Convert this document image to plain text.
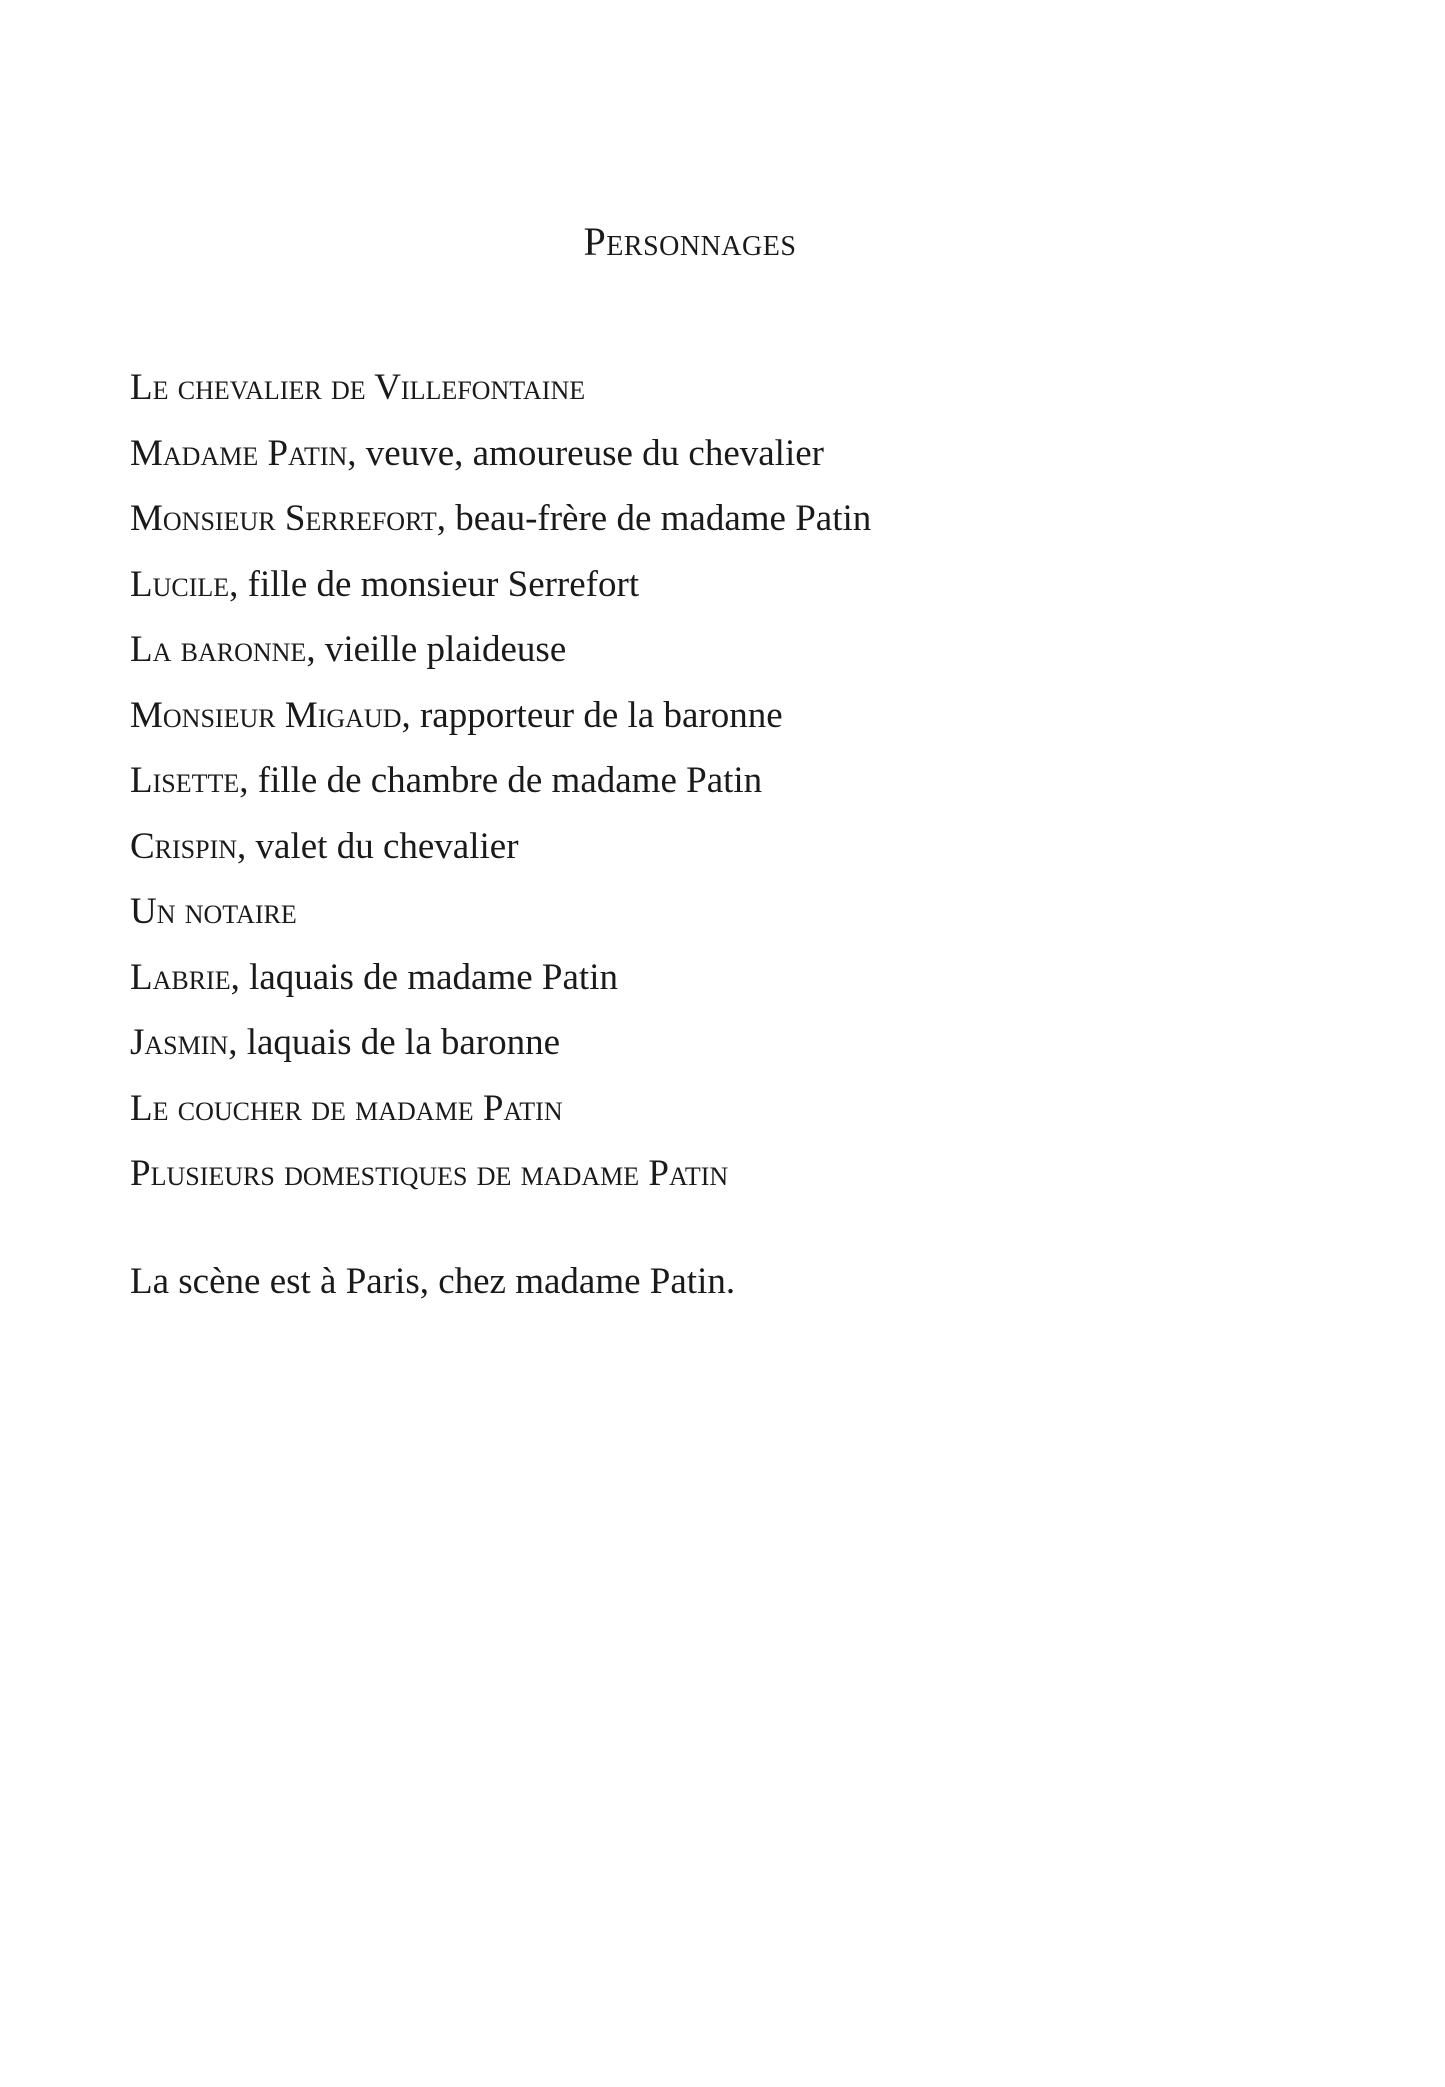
Personnages
Le chevalier de Villefontaine
Madame Patin, veuve, amoureuse du chevalier
Monsieur Serrefort, beau-frère de madame Patin
Lucile, fille de monsieur Serrefort
La baronne, vieille plaideuse
Monsieur Migaud, rapporteur de la baronne
Lisette, fille de chambre de madame Patin
Crispin, valet du chevalier
Un notaire
Labrie, laquais de madame Patin
Jasmin, laquais de la baronne
Le coucher de madame Patin
Plusieurs domestiques de madame Patin

La scène est à Paris, chez madame Patin.
